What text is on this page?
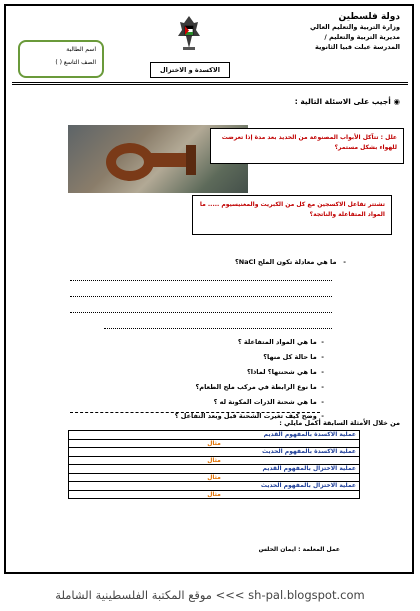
دولة فلسطين
وزارة التربية والتعليم العالي
مديرية التربية والتعليم /
المدرسة عبلت قبيا الثانوية
اسم الطالبة
الصف التاسع ( )
الاكسدة و الاختزال
◉ أجيب على الاسئلة التالية :
علل : تتآكل الأبواب المصنوعة من الحديد بعد مدة إذا تعرضت للهواء بشكل مستمر؟
تشتتر تفاعل الاكسجين مع كل من الكبريت والمغنيسيوم ..... ما المواد المتفاعلة والناتجة؟
-   ما هي معادلة تكون الملح NaCl؟
-  ما هي المواد المتفاعلة ؟
-  ما حالة كل منها؟
-  ما هي شحنتها؟ لماذا؟
-  ما نوع الرابطة في مركب ملح الطعام؟
-  ما هي شحنة الذرات المكونة له ؟
-  وضح كيف تغيرت الشحنة قبل وبعد التفاعل ؟
من خلال الأمثلة السابقة أكمل مايلي :
عملية الاكسدة بالمفهوم القديم
مثال
عملية الاكسدة بالمفهوم الحديث
مثال
عملية الاختزال بالمفهوم القديم
مثال
عملية الاختزال بالمفهوم الحديث
مثال
عمل المعلمة : ايمان الحلس
موقع المكتبة الفلسطينية الشاملة <<< sh-pal.blogspot.com
